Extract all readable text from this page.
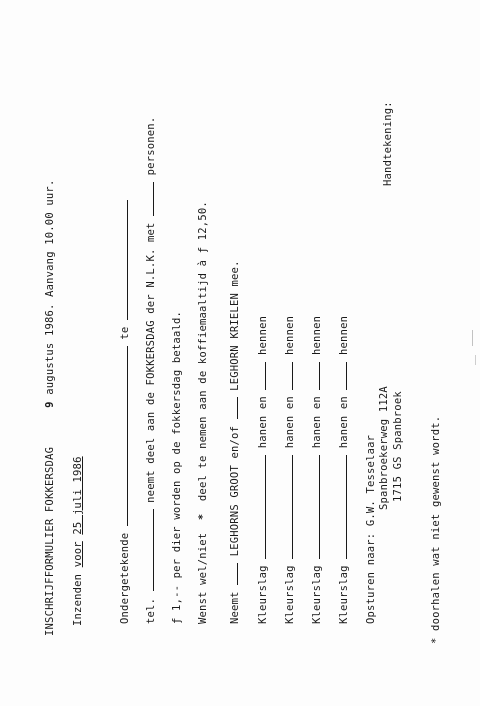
INSCHRIJFFORMULIER FOKKERSDAG  9 augustus 1986. Aanvang 10.00 uur.
Inzenden voor 25 juli 1986
Ondergetekende  te
tel.  neemt deel aan de FOKKERSDAG der N.L.K. met  personen.
ƒ 1,-- per dier worden op de fokkersdag betaald. Wenst wel/niet * deel te nemen aan de koffiemaaltijd à ƒ 12,50.
Neemt  LEGHORNS GROOT en/of  LEGHORN KRIELEN mee.
Kleurslag  hanen en  hennen
Kleurslag  hanen en  hennen
Kleurslag  hanen en  hennen
Kleurslag  hanen en  hennen
Opsturen naar: G.W. Tesselaar Spanbroekerweg 112A 1715 GS Spanbroek
Handtekening:
* doorhalen wat niet gewenst wordt.
